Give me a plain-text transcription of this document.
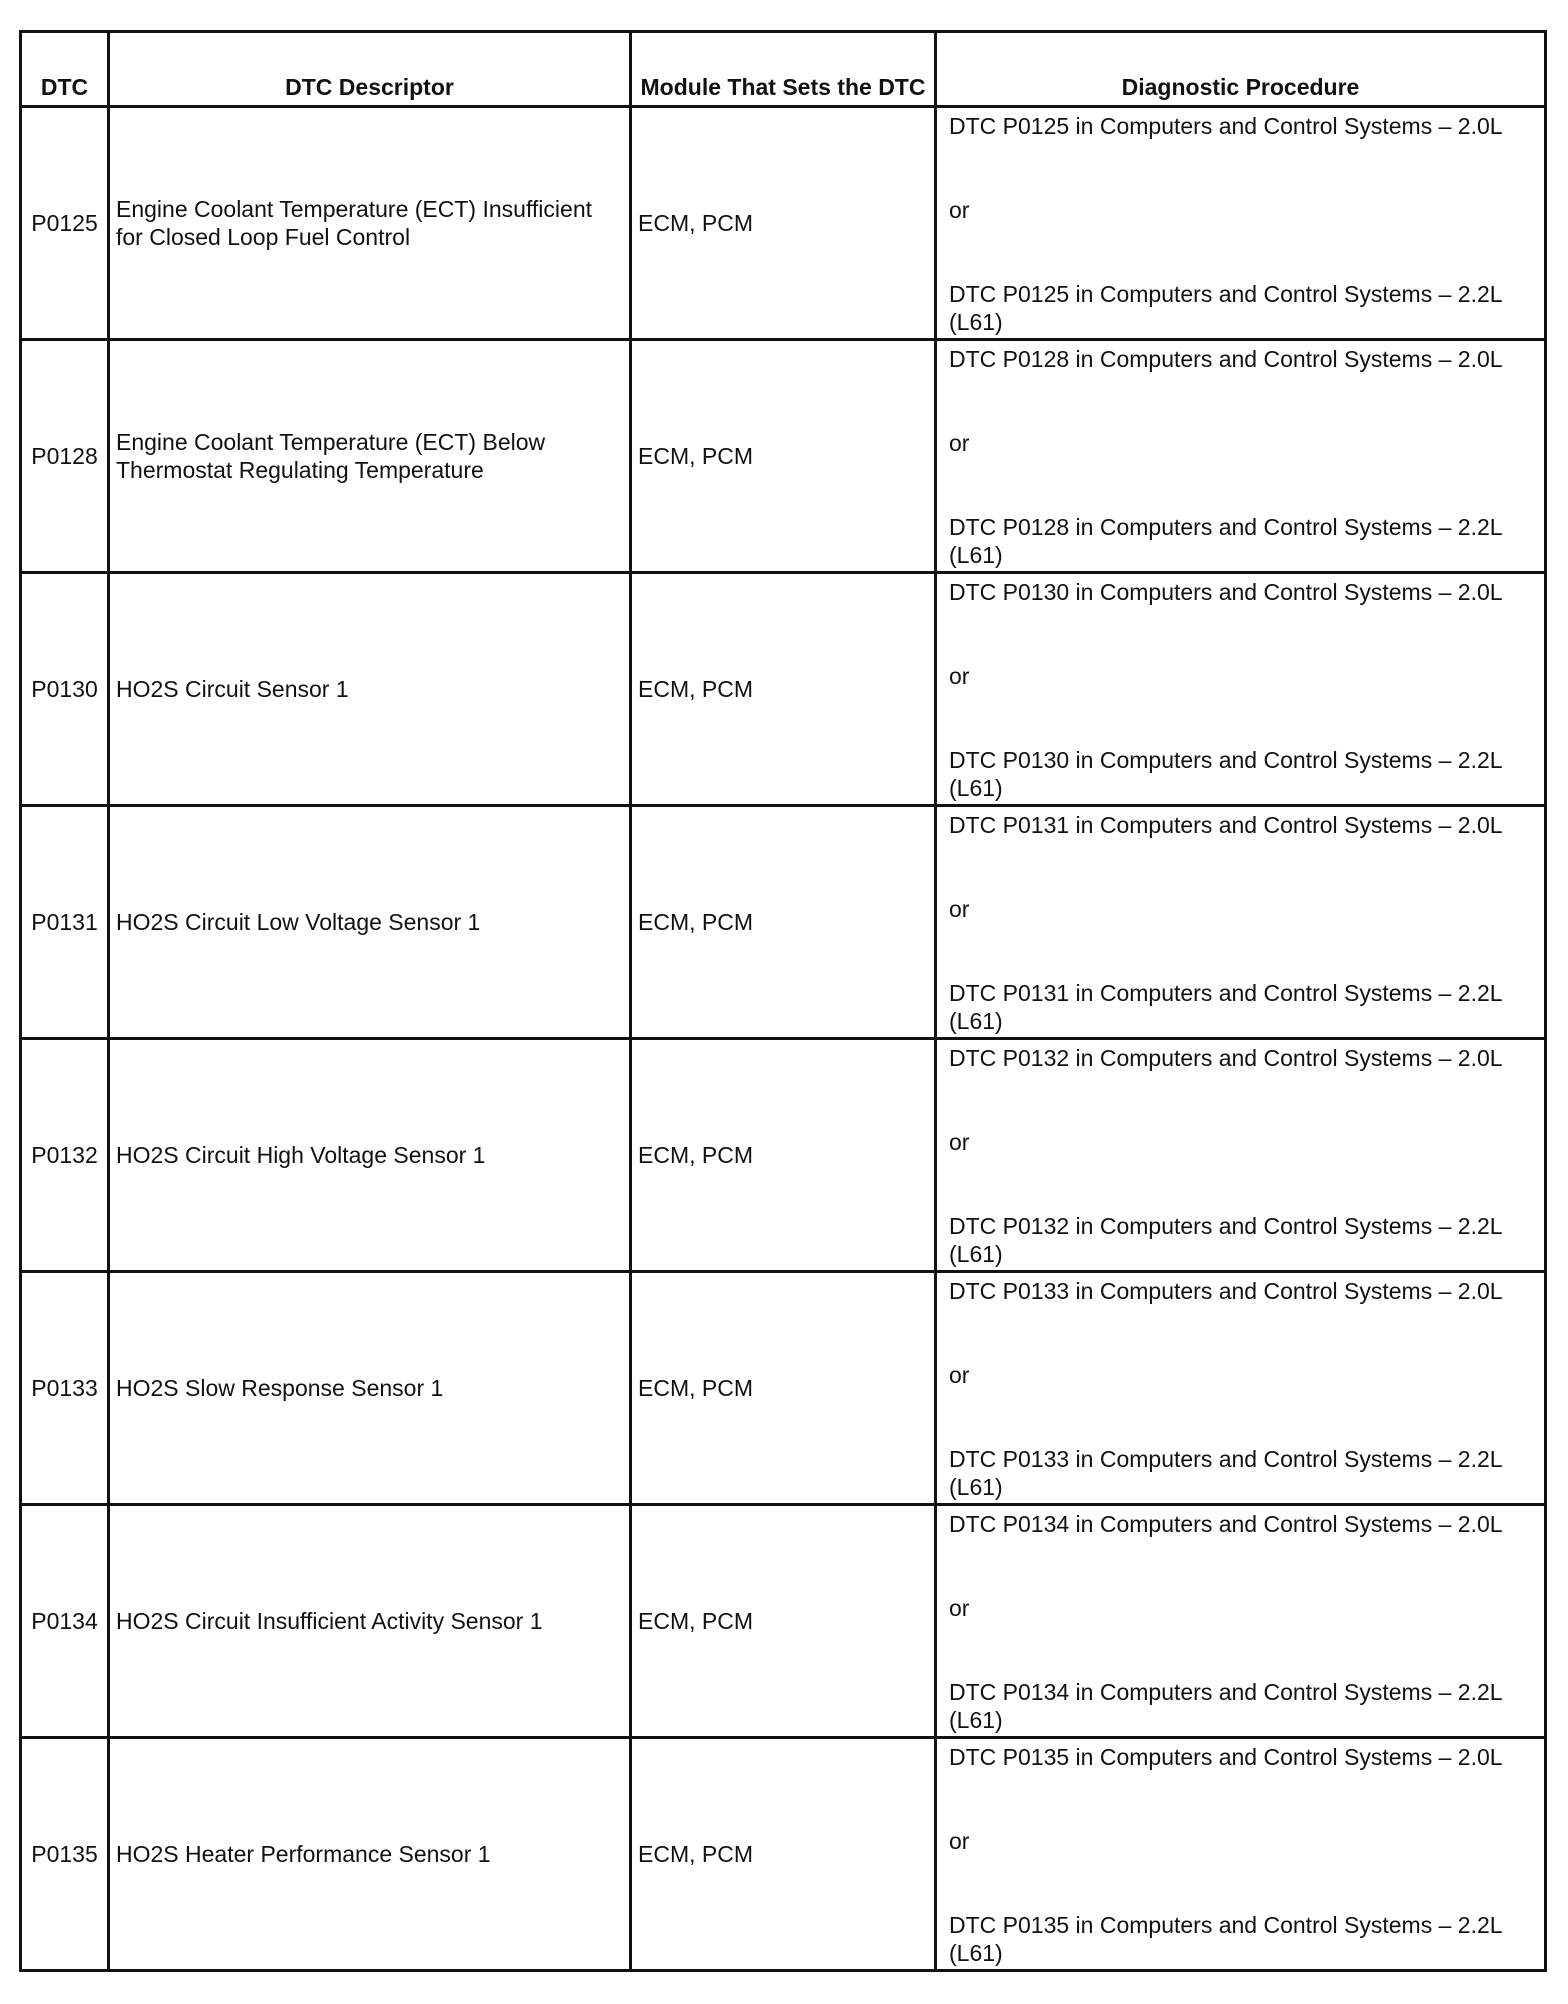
DTC	DTC Descriptor	Module That Sets the DTC	Diagnostic Procedure
P0125	Engine Coolant Temperature (ECT) Insufficient for Closed Loop Fuel Control	ECM, PCM	DTC P0125 in Computers and Control Systems – 2.0L
or
DTC P0125 in Computers and Control Systems – 2.2L (L61)

P0128	Engine Coolant Temperature (ECT) Below Thermostat Regulating Temperature	ECM, PCM	DTC P0128 in Computers and Control Systems – 2.0L
or
DTC P0128 in Computers and Control Systems – 2.2L (L61)

P0130	HO2S Circuit Sensor 1	ECM, PCM	DTC P0130 in Computers and Control Systems – 2.0L
or
DTC P0130 in Computers and Control Systems – 2.2L (L61)

P0131	HO2S Circuit Low Voltage Sensor 1	ECM, PCM	DTC P0131 in Computers and Control Systems – 2.0L
or
DTC P0131 in Computers and Control Systems – 2.2L (L61)

P0132	HO2S Circuit High Voltage Sensor 1	ECM, PCM	DTC P0132 in Computers and Control Systems – 2.0L
or
DTC P0132 in Computers and Control Systems – 2.2L (L61)

P0133	HO2S Slow Response Sensor 1	ECM, PCM	DTC P0133 in Computers and Control Systems – 2.0L
or
DTC P0133 in Computers and Control Systems – 2.2L (L61)

P0134	HO2S Circuit Insufficient Activity Sensor 1	ECM, PCM	DTC P0134 in Computers and Control Systems – 2.0L
or
DTC P0134 in Computers and Control Systems – 2.2L (L61)

P0135	HO2S Heater Performance Sensor 1	ECM, PCM	DTC P0135 in Computers and Control Systems – 2.0L
or
DTC P0135 in Computers and Control Systems – 2.2L (L61)
